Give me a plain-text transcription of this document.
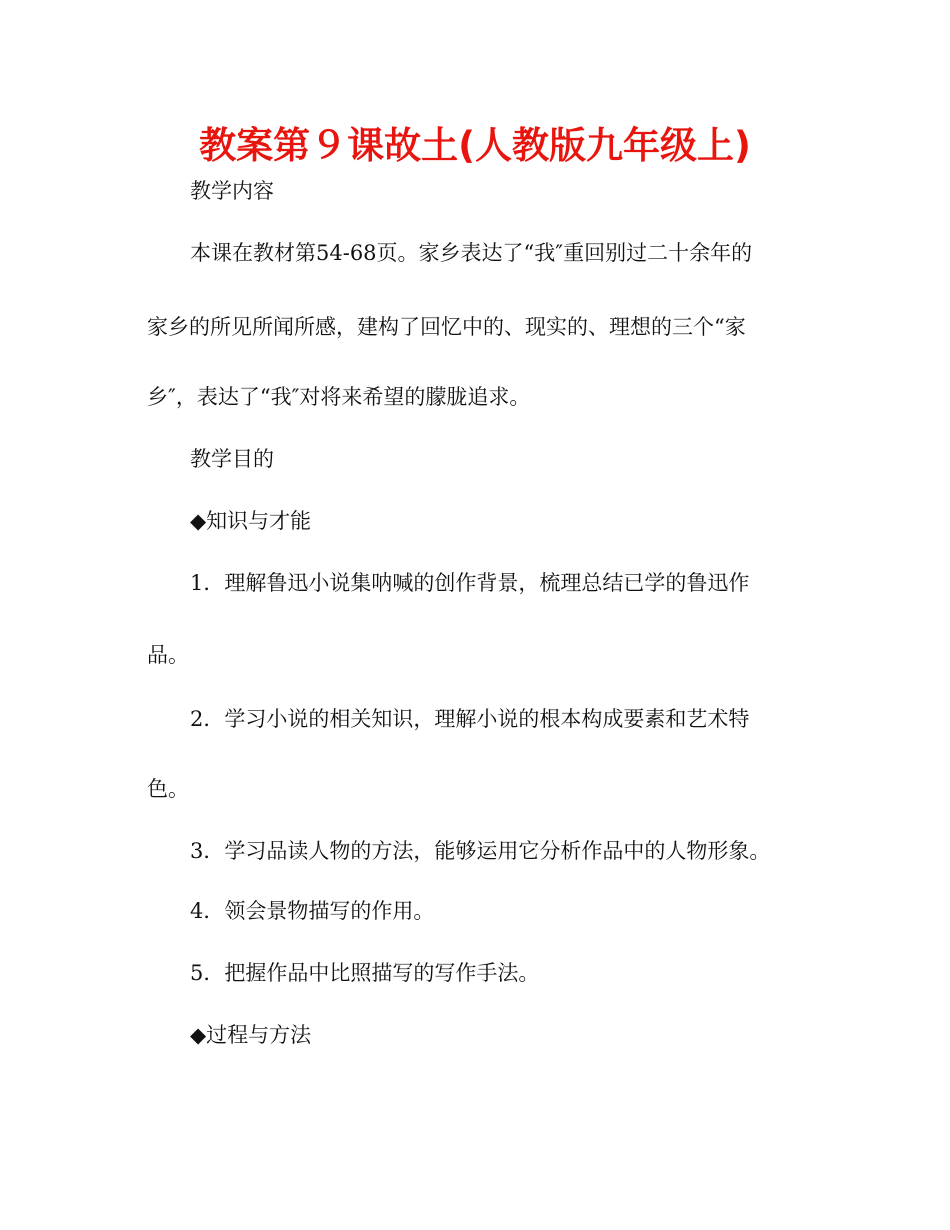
教案第９课故土(人教版九年级上)

教学内容

本课在教材第54-68页。家乡表达了“我″重回别过二十余年的

家乡的所见所闻所感，建构了回忆中的、现实的、理想的三个“家

乡″，表达了“我″对将来希望的朦胧追求。

教学目的

◆知识与才能

1．理解鲁迅小说集呐喊的创作背景，梳理总结已学的鲁迅作

品。

2．学习小说的相关知识，理解小说的根本构成要素和艺术特

色。

3．学习品读人物的方法，能够运用它分析作品中的人物形象。

4．领会景物描写的作用。

5．把握作品中比照描写的写作手法。

◆过程与方法
